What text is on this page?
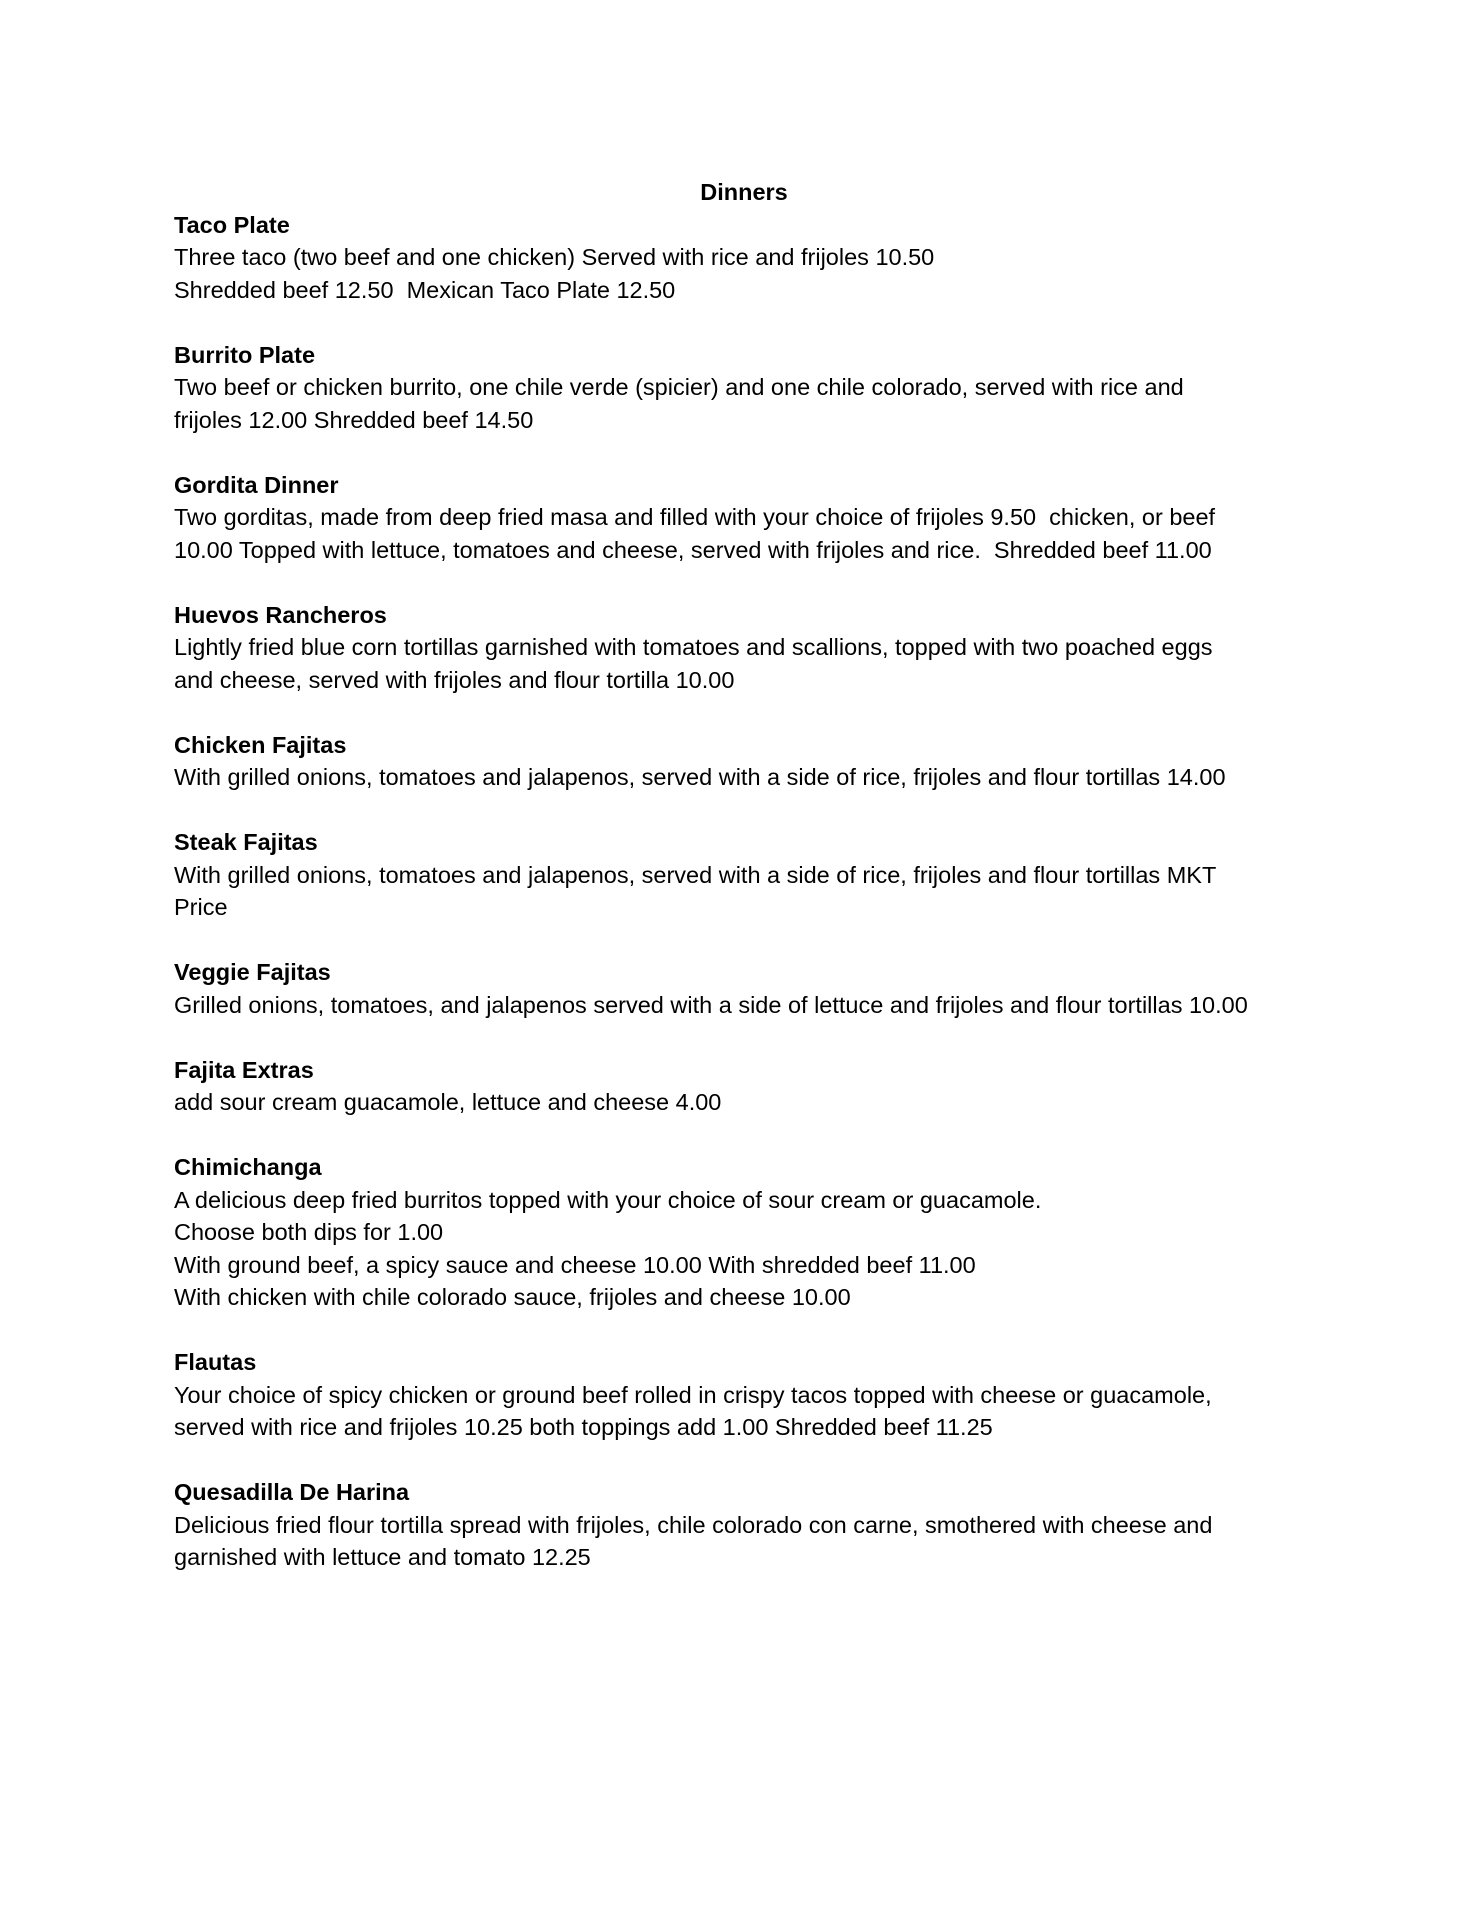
Dinners
Taco Plate
Three taco (two beef and one chicken) Served with rice and frijoles 10.50
Shredded beef 12.50  Mexican Taco Plate 12.50
Burrito Plate
Two beef or chicken burrito, one chile verde (spicier) and one chile colorado, served with rice and
frijoles 12.00 Shredded beef 14.50
Gordita Dinner
Two gorditas, made from deep fried masa and filled with your choice of frijoles 9.50  chicken, or beef
10.00 Topped with lettuce, tomatoes and cheese, served with frijoles and rice.  Shredded beef 11.00
Huevos Rancheros
Lightly fried blue corn tortillas garnished with tomatoes and scallions, topped with two poached eggs
and cheese, served with frijoles and flour tortilla 10.00
Chicken Fajitas
With grilled onions, tomatoes and jalapenos, served with a side of rice, frijoles and flour tortillas 14.00
Steak Fajitas
With grilled onions, tomatoes and jalapenos, served with a side of rice, frijoles and flour tortillas MKT
Price
Veggie Fajitas
Grilled onions, tomatoes, and jalapenos served with a side of lettuce and frijoles and flour tortillas 10.00
Fajita Extras
add sour cream guacamole, lettuce and cheese 4.00
Chimichanga
A delicious deep fried burritos topped with your choice of sour cream or guacamole.
Choose both dips for 1.00
With ground beef, a spicy sauce and cheese 10.00 With shredded beef 11.00
With chicken with chile colorado sauce, frijoles and cheese 10.00
Flautas
Your choice of spicy chicken or ground beef rolled in crispy tacos topped with cheese or guacamole,
served with rice and frijoles 10.25 both toppings add 1.00 Shredded beef 11.25
Quesadilla De Harina
Delicious fried flour tortilla spread with frijoles, chile colorado con carne, smothered with cheese and
garnished with lettuce and tomato 12.25
